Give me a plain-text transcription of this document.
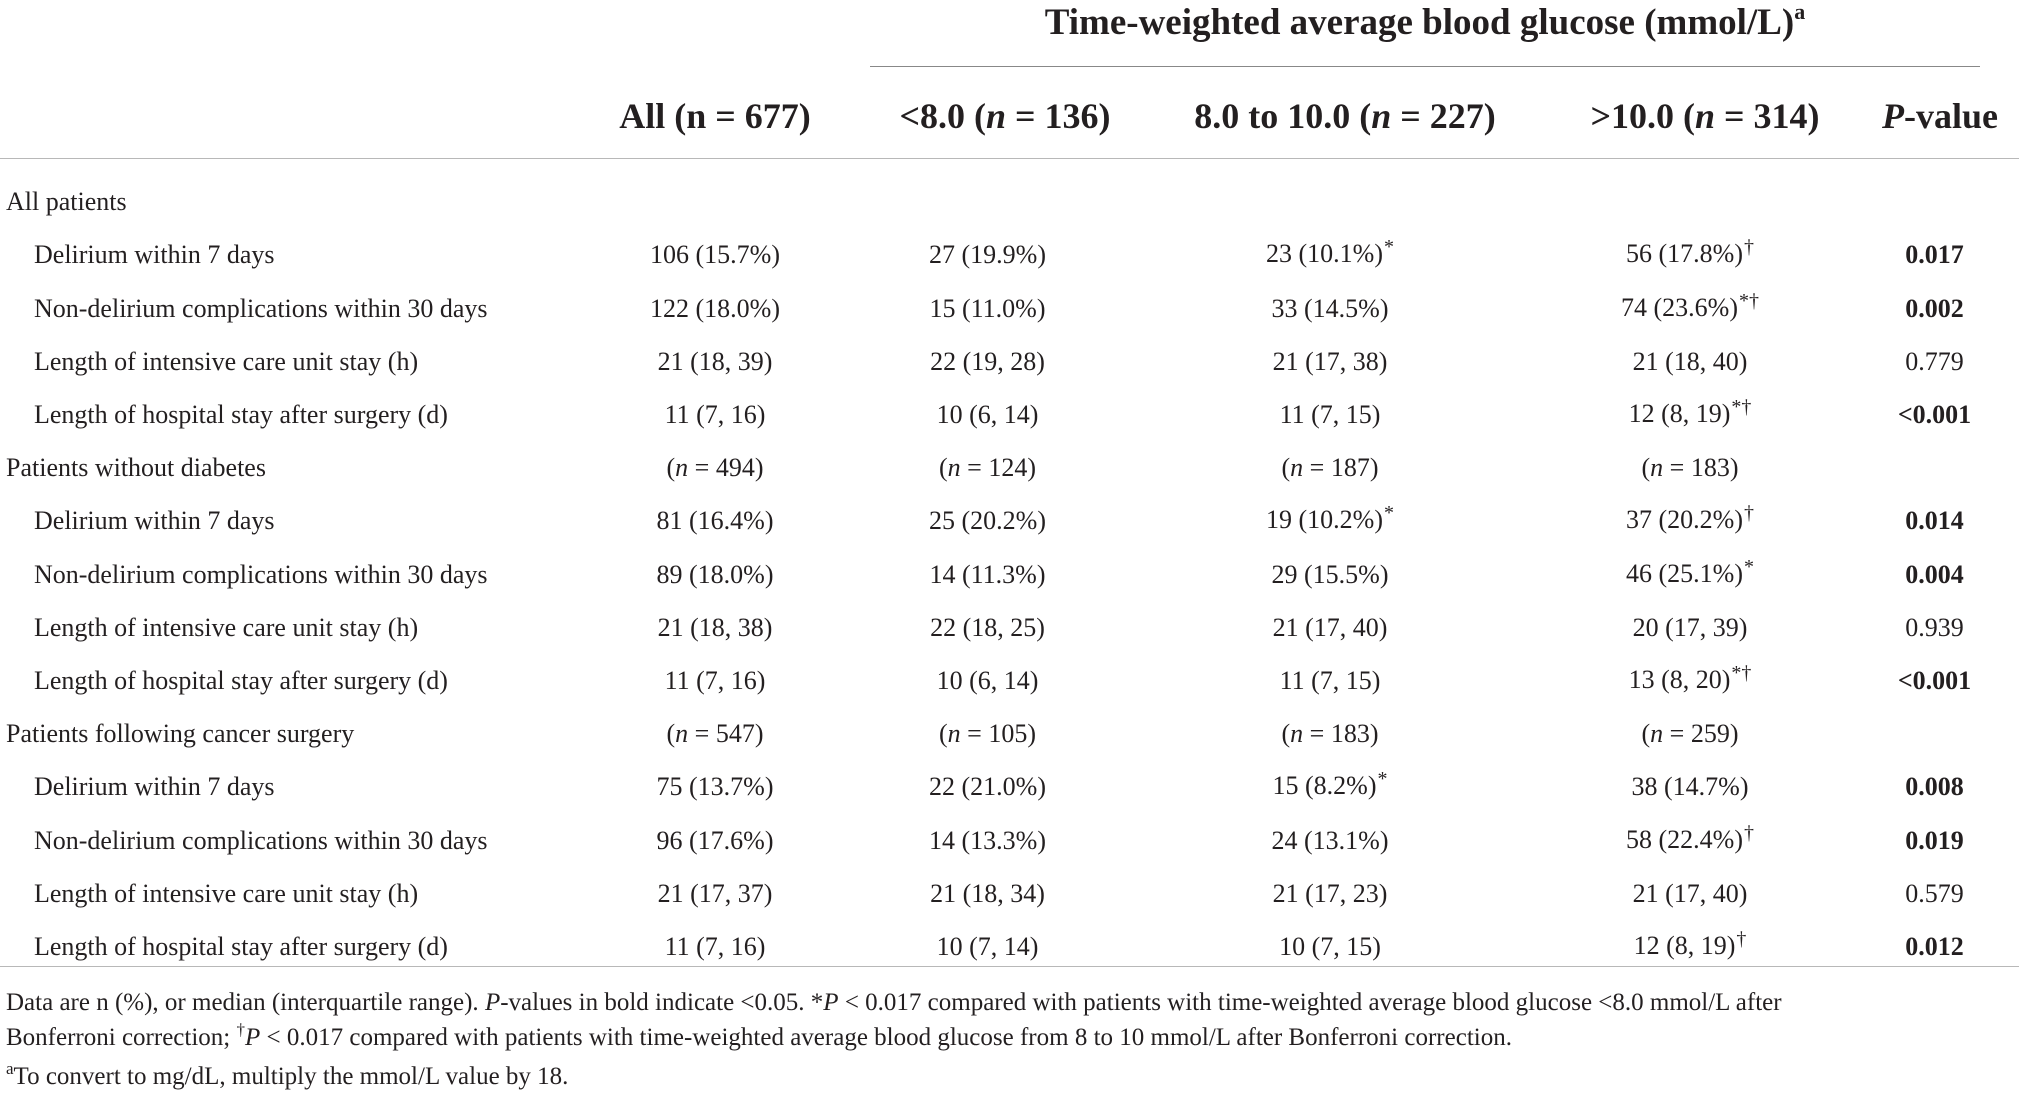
Time-weighted average blood glucose (mmol/L)$^a$
All (n = 677)	<8.0 (n = 136)	8.0 to 10.0 (n = 227)	>10.0 (n = 314)	P-value
All patients					
Delirium within 7 days	106 (15.7%)	27 (19.9%)	23 (10.1%)*	56 (17.8%)†	0.017
Non-delirium complications within 30 days	122 (18.0%)	15 (11.0%)	33 (14.5%)	74 (23.6%)*†	0.002
Length of intensive care unit stay (h)	21 (18, 39)	22 (19, 28)	21 (17, 38)	21 (18, 40)	0.779
Length of hospital stay after surgery (d)	11 (7, 16)	10 (6, 14)	11 (7, 15)	12 (8, 19)*†	<0.001
Patients without diabetes	(n = 494)	(n = 124)	(n = 187)	(n = 183)	
Delirium within 7 days	81 (16.4%)	25 (20.2%)	19 (10.2%)*	37 (20.2%)†	0.014
Non-delirium complications within 30 days	89 (18.0%)	14 (11.3%)	29 (15.5%)	46 (25.1%)*	0.004
Length of intensive care unit stay (h)	21 (18, 38)	22 (18, 25)	21 (17, 40)	20 (17, 39)	0.939
Length of hospital stay after surgery (d)	11 (7, 16)	10 (6, 14)	11 (7, 15)	13 (8, 20)*†	<0.001
Patients following cancer surgery	(n = 547)	(n = 105)	(n = 183)	(n = 259)	
Delirium within 7 days	75 (13.7%)	22 (21.0%)	15 (8.2%)*	38 (14.7%)	0.008
Non-delirium complications within 30 days	96 (17.6%)	14 (13.3%)	24 (13.1%)	58 (22.4%)†	0.019
Length of intensive care unit stay (h)	21 (17, 37)	21 (18, 34)	21 (17, 23)	21 (17, 40)	0.579
Length of hospital stay after surgery (d)	11 (7, 16)	10 (7, 14)	10 (7, 15)	12 (8, 19)†	0.012
Data are n (%), or median (interquartile range). P-values in bold indicate <0.05. *P < 0.017 compared with patients with time-weighted average blood glucose <8.0 mmol/L after
Bonferroni correction; †P < 0.017 compared with patients with time-weighted average blood glucose from 8 to 10 mmol/L after Bonferroni correction.
$^a$To convert to mg/dL, multiply the mmol/L value by 18.
